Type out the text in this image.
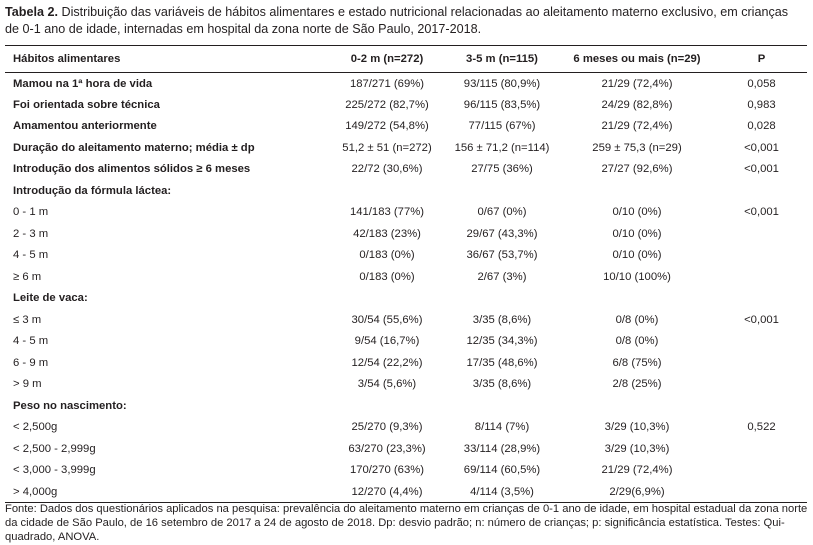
Tabela 2. Distribuição das variáveis de hábitos alimentares e estado nutricional relacionadas ao aleitamento materno exclusivo, em crianças de 0-1 ano de idade, internadas em hospital da zona norte de São Paulo, 2017-2018.
Hábitos alimentares	0-2 m (n=272)	3-5 m (n=115)	6 meses ou mais (n=29)	P
Mamou na 1ª hora de vida	187/271 (69%)	93/115 (80,9%)	21/29 (72,4%)	0,058
Foi orientada sobre técnica	225/272 (82,7%)	96/115 (83,5%)	24/29 (82,8%)	0,983
Amamentou anteriormente	149/272 (54,8%)	77/115 (67%)	21/29 (72,4%)	0,028
Duração do aleitamento materno; média ± dp	51,2 ± 51 (n=272)	156 ± 71,2 (n=114)	259 ± 75,3 (n=29)	<0,001
Introdução dos alimentos sólidos ≥ 6 meses	22/72 (30,6%)	27/75 (36%)	27/27 (92,6%)	<0,001
Introdução da fórmula láctea:				
0 - 1 m	141/183 (77%)	0/67 (0%)	0/10 (0%)	<0,001
2 - 3 m	42/183 (23%)	29/67 (43,3%)	0/10 (0%)	
4 - 5 m	0/183 (0%)	36/67 (53,7%)	0/10 (0%)	
≥ 6 m	0/183 (0%)	2/67 (3%)	10/10 (100%)	
Leite de vaca:				
≤ 3 m	30/54 (55,6%)	3/35 (8,6%)	0/8 (0%)	<0,001
4 - 5 m	9/54 (16,7%)	12/35 (34,3%)	0/8 (0%)	
6 - 9 m	12/54 (22,2%)	17/35 (48,6%)	6/8 (75%)	
> 9 m	3/54 (5,6%)	3/35 (8,6%)	2/8 (25%)	
Peso no nascimento:				
< 2,500g	25/270 (9,3%)	8/114 (7%)	3/29 (10,3%)	0,522
< 2,500 - 2,999g	63/270 (23,3%)	33/114 (28,9%)	3/29 (10,3%)	
< 3,000 - 3,999g	170/270 (63%)	69/114 (60,5%)	21/29 (72,4%)	
> 4,000g	12/270 (4,4%)	4/114 (3,5%)	2/29(6,9%)	
Fonte: Dados dos questionários aplicados na pesquisa: prevalência do aleitamento materno em crianças de 0-1 ano de idade, em hospital estadual da zona norte da cidade de São Paulo, de 16 setembro de 2017 a 24 de agosto de 2018. Dp: desvio padrão; n: número de crianças; p: significância estatística. Testes: Qui-quadrado, ANOVA.
